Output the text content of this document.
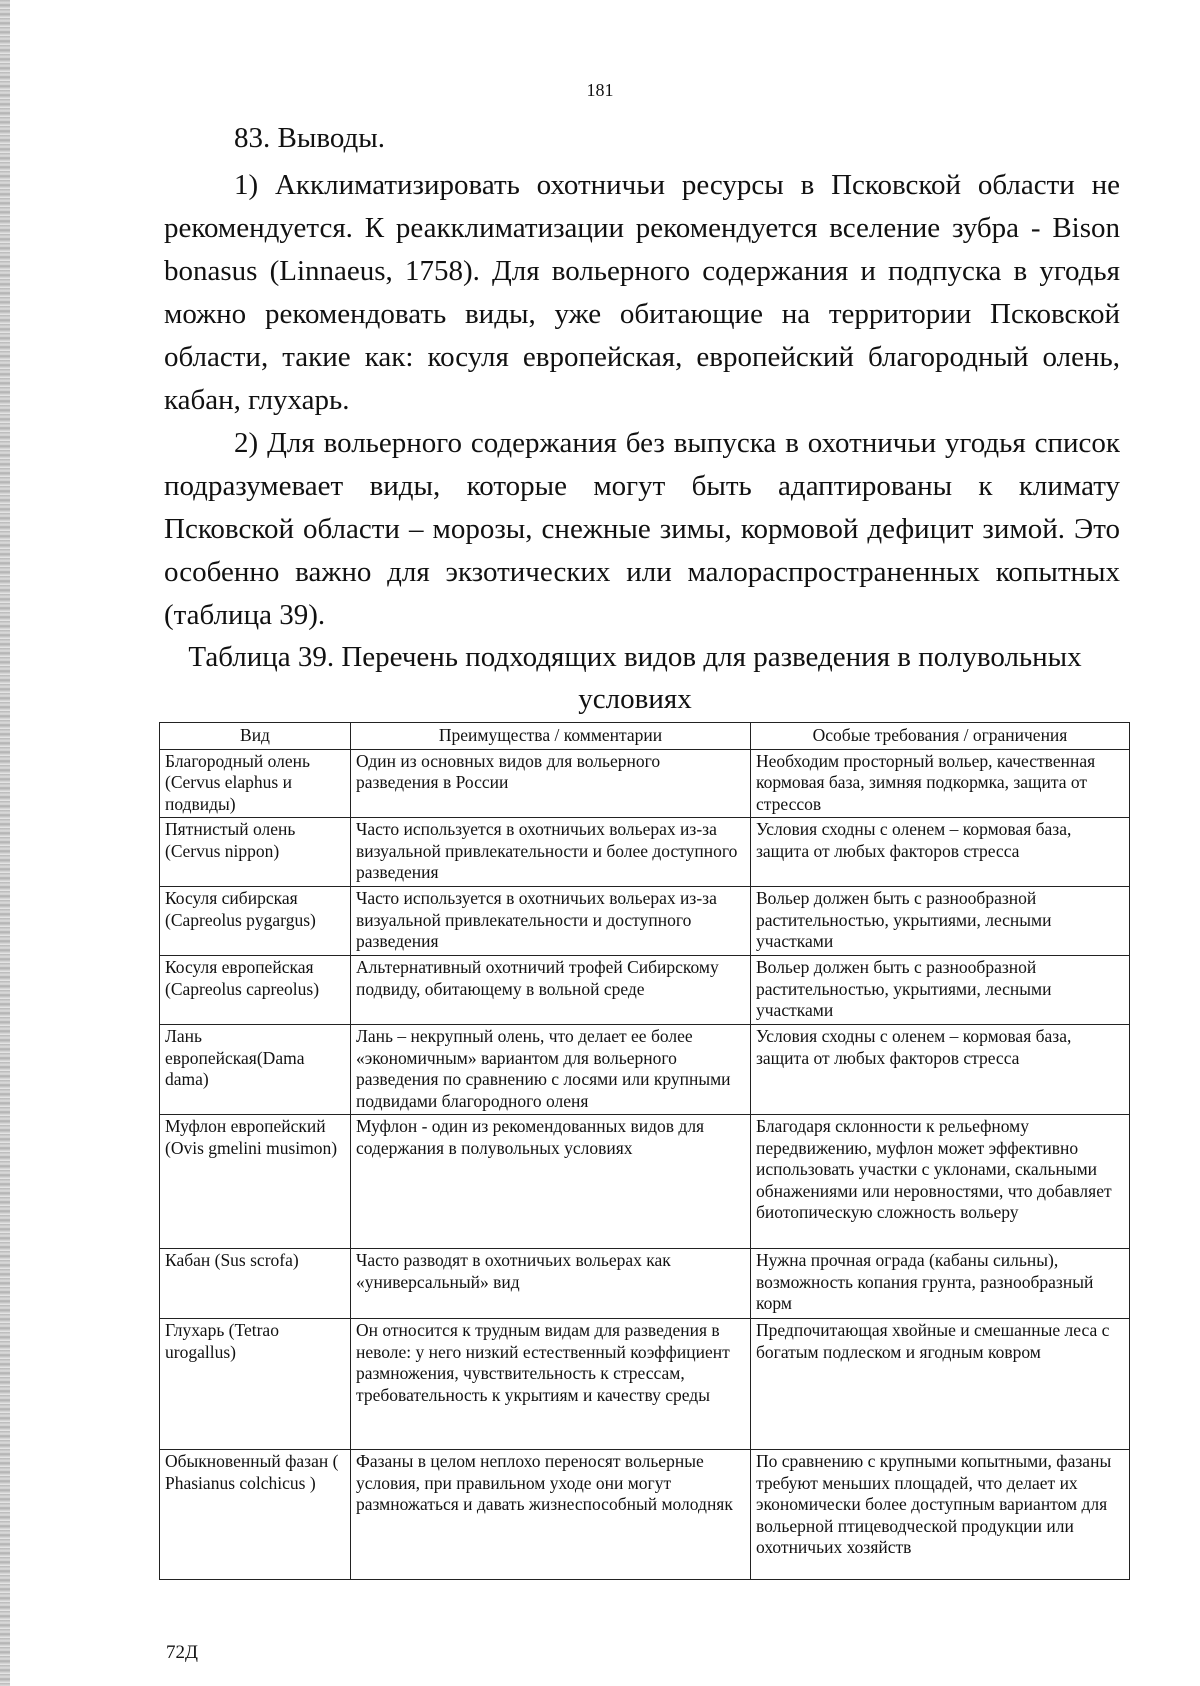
181
83. Выводы.

1) Акклиматизировать охотничьи ресурсы в Псковской области не рекомендуется. К реакклиматизации рекомендуется вселение зубра - Bison bonasus (Linnaeus, 1758). Для вольерного содержания и подпуска в угодья можно рекомендовать виды, уже обитающие на территории Псковской области, такие как: косуля европейская, европейский благородный олень, кабан, глухарь.

2) Для вольерного содержания без выпуска в охотничьи угодья список подразумевает виды, которые могут быть адаптированы к климату Псковской области – морозы, снежные зимы, кормовой дефицит зимой. Это особенно важно для экзотических или малораспространенных копытных (таблица 39).

Таблица 39. Перечень подходящих видов для разведения в полувольных условиях

Вид	Преимущества / комментарии	Особые требования / ограничения
Благородный олень (Cervus elaphus и подвиды)	Один из основных видов для вольерного разведения в России	Необходим просторный вольер, качественная кормовая база, зимняя подкормка, защита от стрессов
Пятнистый олень (Cervus nippon)	Часто используется в охотничьих вольерах из-за визуальной привлекательности и более доступного разведения	Условия сходны с оленем – кормовая база, защита от любых факторов стресса
Косуля сибирская (Capreolus pygargus)	Часто используется в охотничьих вольерах из-за визуальной привлекательности и доступного разведения	Вольер должен быть с разнообразной растительностью, укрытиями, лесными участками
Косуля европейская (Capreolus capreolus)	Альтернативный охотничий трофей Сибирскому подвиду, обитающему в вольной среде	Вольер должен быть с разнообразной растительностью, укрытиями, лесными участками
Лань европейская(Dama dama)	Лань – некрупный олень, что делает ее более «экономичным» вариантом для вольерного разведения по сравнению с лосями или крупными подвидами благородного оленя	Условия сходны с оленем – кормовая база, защита от любых факторов стресса
Муфлон европейский (Ovis gmelini musimon)	Муфлон - один из рекомендованных видов для содержания в полувольных условиях	Благодаря склонности к рельефному передвижению, муфлон может эффективно использовать участки с уклонами, скальными обнажениями или неровностями, что добавляет биотопическую сложность вольеру
Кабан (Sus scrofa)	Часто разводят в охотничьих вольерах как «универсальный» вид	Нужна прочная ограда (кабаны сильны), возможность копания грунта, разнообразный корм
Глухарь (Tetrao urogallus)	Он относится к трудным видам для разведения в неволе: у него низкий естественный коэффициент размножения, чувствительность к стрессам, требовательность к укрытиям и качеству среды	Предпочитающая хвойные и смешанные леса с богатым подлеском и ягодным ковром
Обыкновенный фазан ( Phasianus colchicus )	Фазаны в целом неплохо переносят вольерные условия, при правильном уходе они могут размножаться и давать жизнеспособный молодняк	По сравнению с крупными копытными, фазаны требуют меньших площадей, что делает их экономически более доступным вариантом для вольерной птицеводческой продукции или охотничьих хозяйств
72Д
